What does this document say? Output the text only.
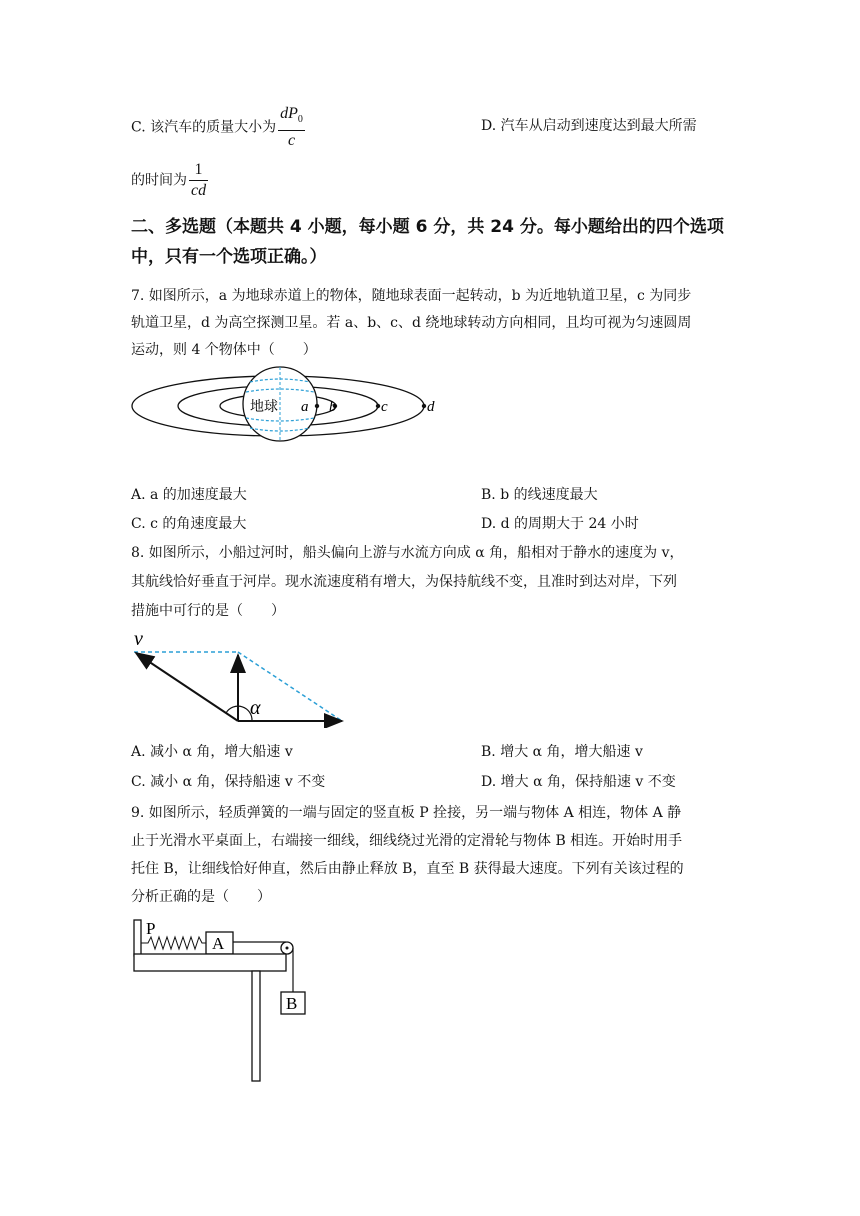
C. 该汽车的质量大小为 $\frac{dP_0}{c}$	D. 汽车从启动到速度达到最大所需
的时间为 $\frac{1}{cd}$
二、多选题（本题共 4 小题，每小题 6 分，共 24 分。每小题给出的四个选项
中，只有一个选项正确。）
7. 如图所示，a 为地球赤道上的物体，随地球表面一起转动，b 为近地轨道卫星，c 为同步
轨道卫星，d 为高空探测卫星。若 a、b、c、d 绕地球转动方向相同，且均可视为匀速圆周
运动，则 4 个物体中（　　）
地球 a b	c	d
A. a 的加速度最大	B. b 的线速度最大
C. c 的角速度最大	D. d 的周期大于 24 小时
8. 如图所示，小船过河时，船头偏向上游与水流方向成 α 角，船相对于静水的速度为 v，
其航线恰好垂直于河岸。现水流速度稍有增大，为保持航线不变，且准时到达对岸，下列
措施中可行的是（　　）
v
α
A. 减小 α 角，增大船速 v	B. 增大 α 角，增大船速 v
C. 减小 α 角，保持船速 v 不变	D. 增大 α 角，保持船速 v 不变
9. 如图所示，轻质弹簧的一端与固定的竖直板 P 拴接，另一端与物体 A 相连，物体 A 静
止于光滑水平桌面上，右端接一细线，细线绕过光滑的定滑轮与物体 B 相连。开始时用手
托住 B，让细线恰好伸直，然后由静止释放 B，直至 B 获得最大速度。下列有关该过程的
分析正确的是（　　）
P
A
B
